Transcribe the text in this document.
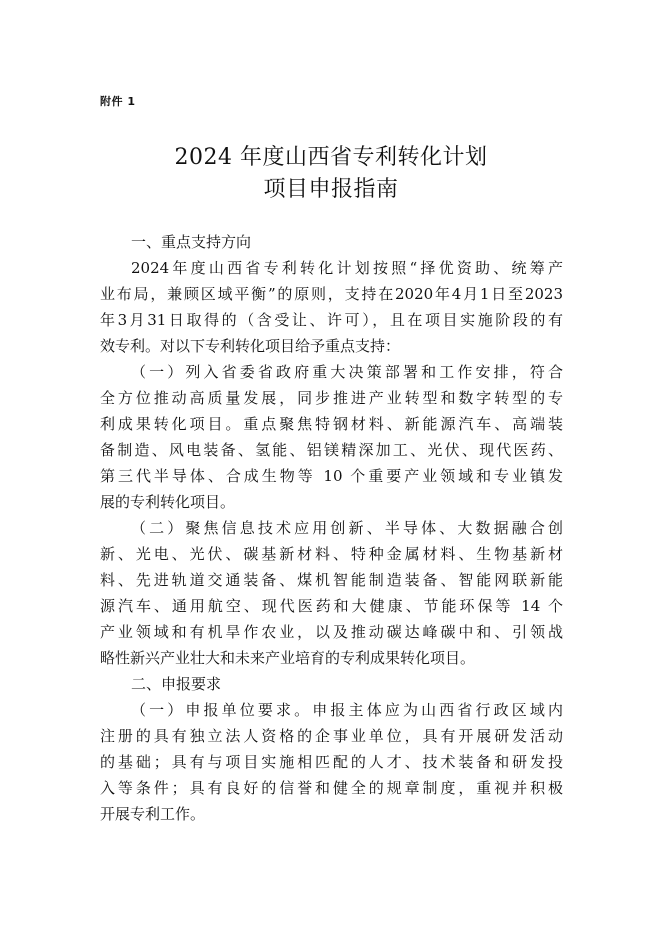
附件 1
2024 年度山西省专利转化计划
项目申报指南
一、重点支持方向
2024年度山西省专利转化计划按照“择优资助、统筹产
业布局，兼顾区域平衡”的原则，支持在2020年4月1日至2023
年3月31日取得的（含受让、许可），且在项目实施阶段的有
效专利。对以下专利转化项目给予重点支持：
（一）列入省委省政府重大决策部署和工作安排，符合
全方位推动高质量发展，同步推进产业转型和数字转型的专
利成果转化项目。重点聚焦特钢材料、新能源汽车、高端装
备制造、风电装备、氢能、铝镁精深加工、光伏、现代医药、
第三代半导体、合成生物等 10 个重要产业领域和专业镇发
展的专利转化项目。
（二）聚焦信息技术应用创新、半导体、大数据融合创
新、光电、光伏、碳基新材料、特种金属材料、生物基新材
料、先进轨道交通装备、煤机智能制造装备、智能网联新能
源汽车、通用航空、现代医药和大健康、节能环保等 14 个
产业领域和有机旱作农业，以及推动碳达峰碳中和、引领战
略性新兴产业壮大和未来产业培育的专利成果转化项目。
二、申报要求
（一）申报单位要求。申报主体应为山西省行政区域内
注册的具有独立法人资格的企事业单位，具有开展研发活动
的基础；具有与项目实施相匹配的人才、技术装备和研发投
入等条件；具有良好的信誉和健全的规章制度，重视并积极
开展专利工作。
